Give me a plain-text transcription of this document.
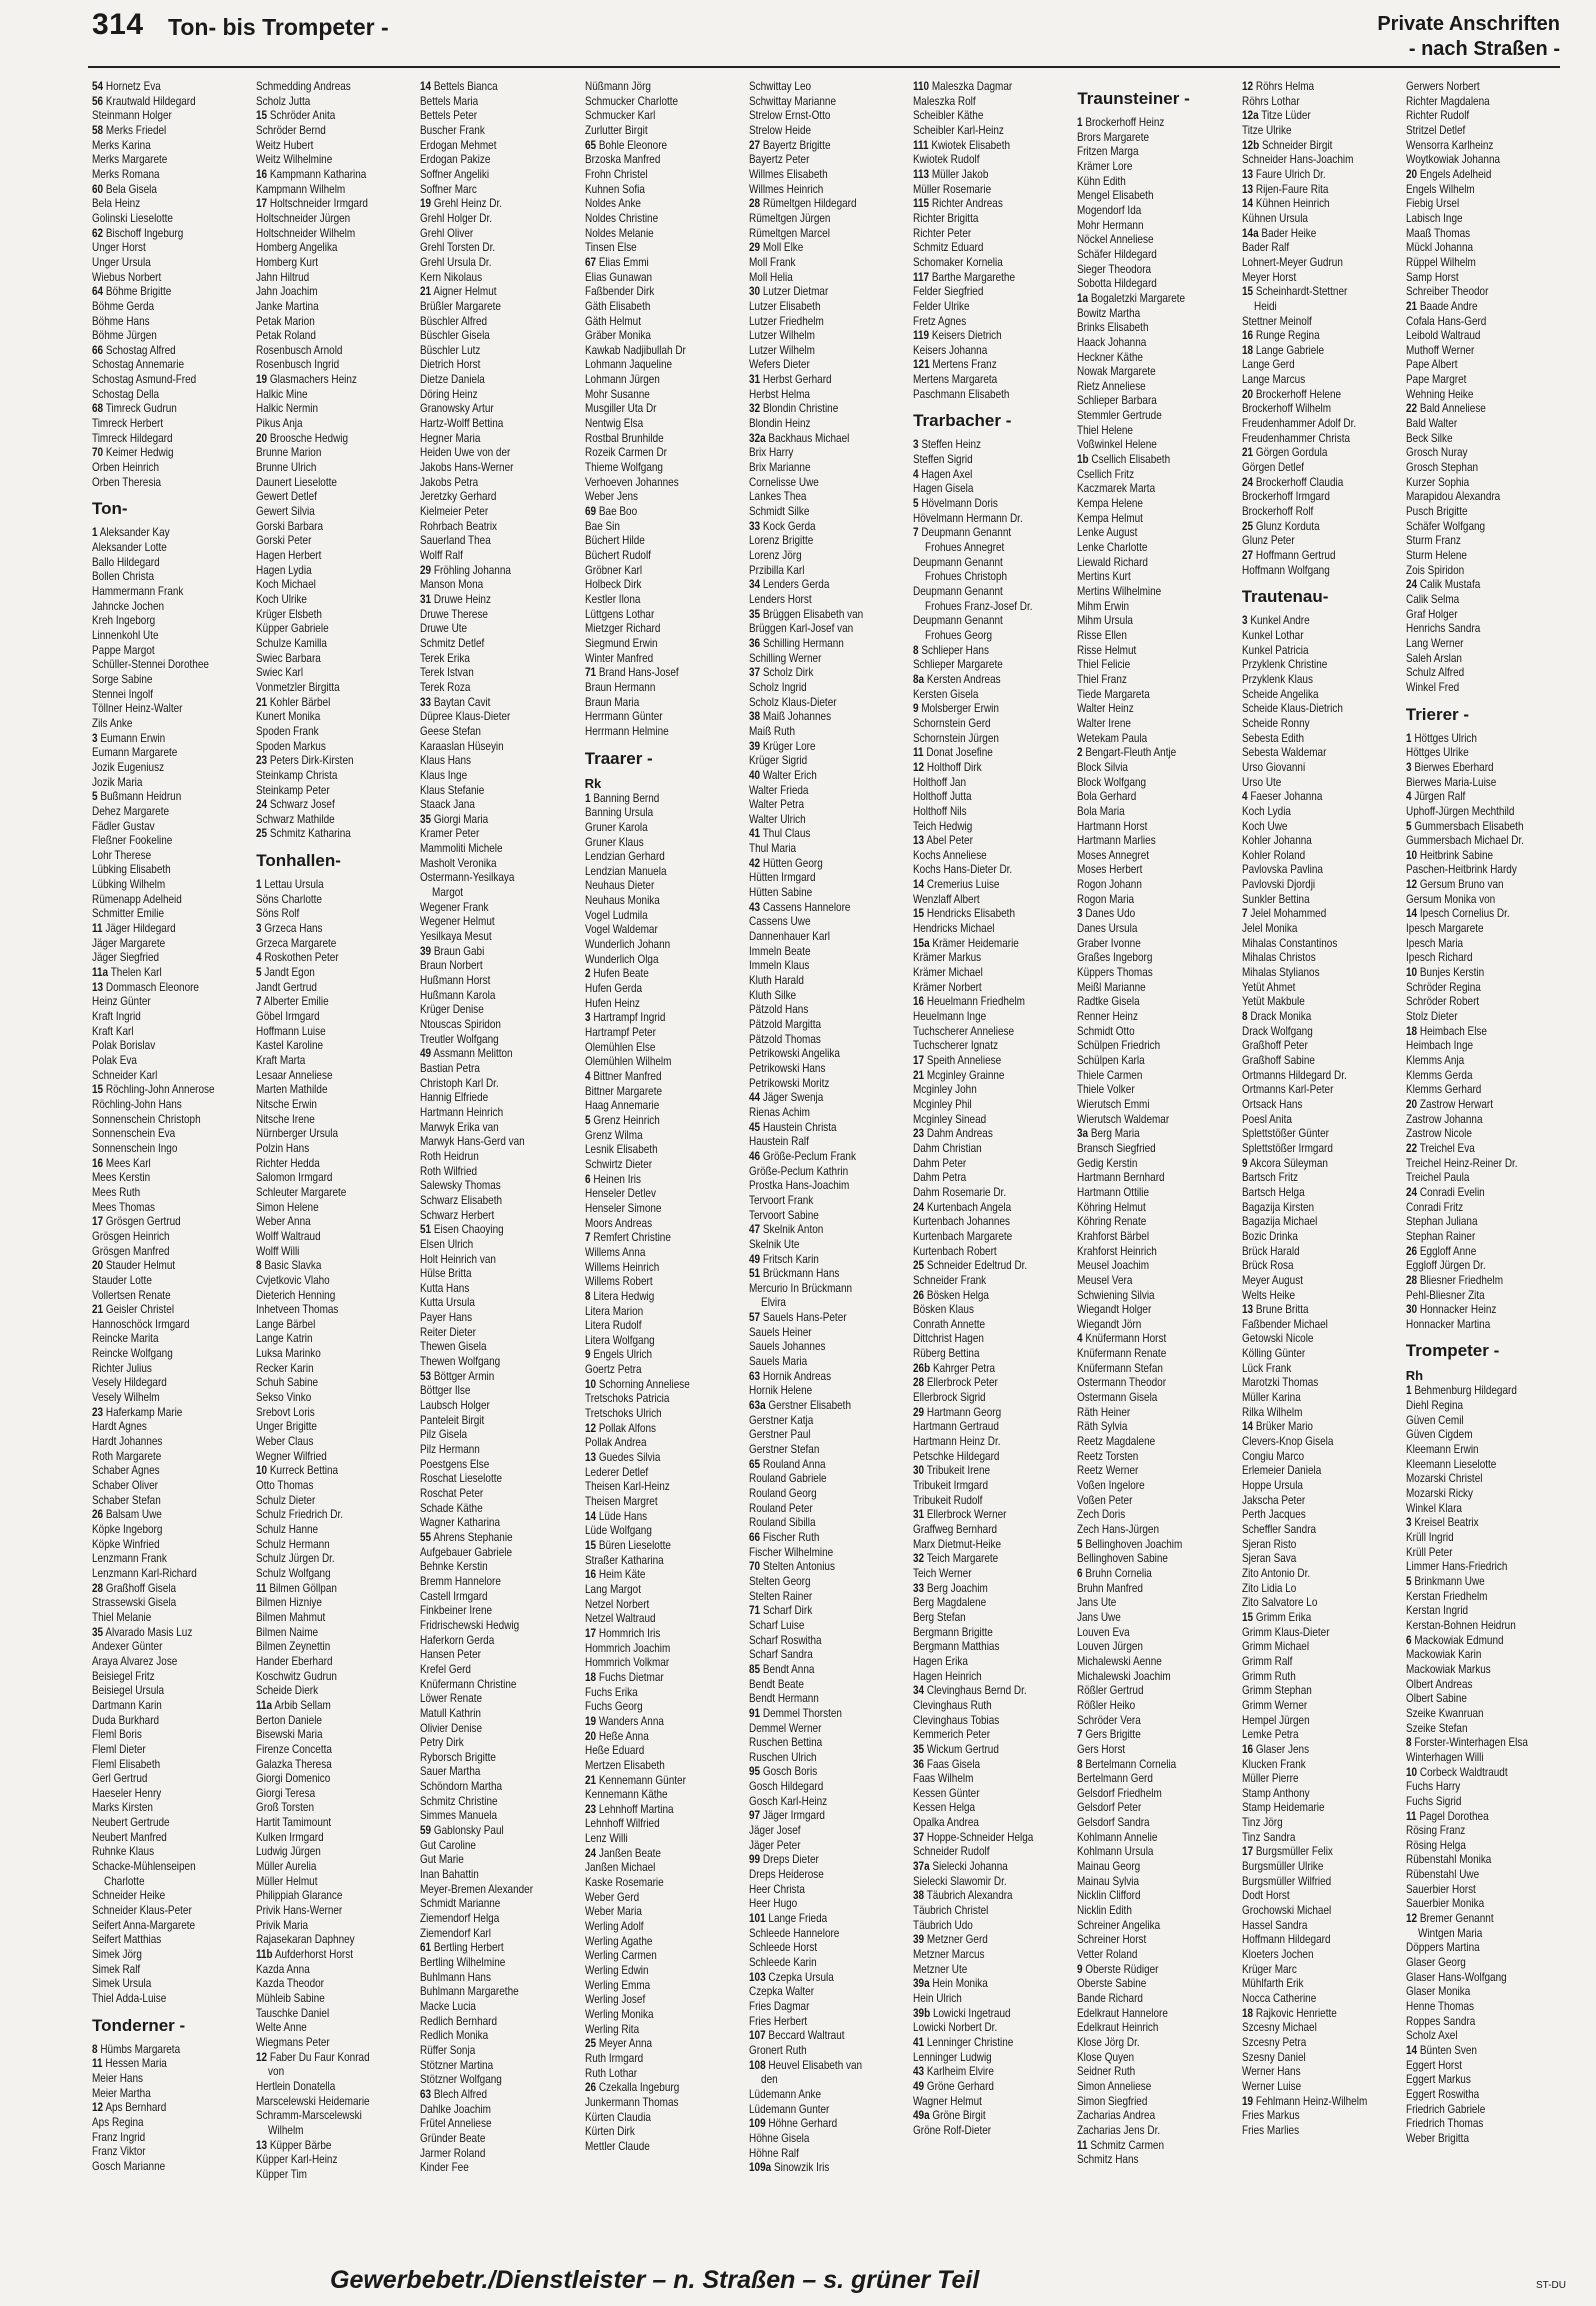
314 Ton- bis Trompeter -	Private Anschriften
- nach Straßen -
54 Hornetz Eva
56 Krautwald Hildegard
Steinmann Holger
58 Merks Friedel
Merks Karina
Merks Margarete
Merks Romana
60 Bela Gisela
Bela Heinz
Golinski Lieselotte
62 Bischoff Ingeburg
Unger Horst
Unger Ursula
Wiebus Norbert
64 Böhme Brigitte
Böhme Gerda
Böhme Hans
Böhme Jürgen
66 Schostag Alfred
Schostag Annemarie
Schostag Asmund-Fred
Schostag Della
68 Timreck Gudrun
Timreck Herbert
Timreck Hildegard
70 Keimer Hedwig
Orben Heinrich
Orben Theresia
Ton-
1 Aleksander Kay
Aleksander Lotte
Ballo Hildegard
Bollen Christa
Hammermann Frank
Jahncke Jochen
Kreh Ingeborg
Linnenkohl Ute
Pappe Margot
Schüller-Stennei Dorothee
Sorge Sabine
Stennei Ingolf
Töllner Heinz-Walter
Zils Anke
3 Eumann Erwin
Eumann Margarete
Jozik Eugeniusz
Jozik Maria
5 Bußmann Heidrun
Dehez Margarete
Fädler Gustav
Fleßner Fookeline
Lohr Therese
Lübking Elisabeth
Lübking Wilhelm
Rümenapp Adelheid
Schmitter Emilie
11 Jäger Hildegard
Jäger Margarete
Jäger Siegfried
11a Thelen Karl
13 Dommasch Eleonore
Heinz Günter
Kraft Ingrid
Kraft Karl
Polak Borislav
Polak Eva
Schneider Karl
15 Röchling-John Annerose
Röchling-John Hans
Sonnenschein Christoph
Sonnenschein Eva
Sonnenschein Ingo
16 Mees Karl
Mees Kerstin
Mees Ruth
Mees Thomas
17 Grösgen Gertrud
Grösgen Heinrich
Grösgen Manfred
20 Stauder Helmut
Stauder Lotte
Vollertsen Renate
21 Geisler Christel
Hannoschöck Irmgard
Reincke Marita
Reincke Wolfgang
Richter Julius
Vesely Hildegard
Vesely Wilhelm
23 Haferkamp Marie
Hardt Agnes
Hardt Johannes
Roth Margarete
Schaber Agnes
Schaber Oliver
Schaber Stefan
26 Balsam Uwe
Köpke Ingeborg
Köpke Winfried
Lenzmann Frank
Lenzmann Karl-Richard
28 Graßhoff Gisela
Strassewski Gisela
Thiel Melanie
35 Alvarado Masis Luz
Andexer Günter
Araya Alvarez Jose
Beisiegel Fritz
Beisiegel Ursula
Dartmann Karin
Duda Burkhard
Fleml Boris
Fleml Dieter
Fleml Elisabeth
Gerl Gertrud
Haeseler Henry
Marks Kirsten
Neubert Gertrude
Neubert Manfred
Ruhnke Klaus
Schacke-Mühlenseipen
Charlotte
Schneider Heike
Schneider Klaus-Peter
Seifert Anna-Margarete
Seifert Matthias
Simek Jörg
Simek Ralf
Simek Ursula
Thiel Adda-Luise
Tonderner -
8 Hümbs Margareta
11 Hessen Maria
Meier Hans
Meier Martha
12 Aps Bernhard
Aps Regina
Franz Ingrid
Franz Viktor
Gosch Marianne
Schmedding Andreas
Scholz Jutta
15 Schröder Anita
Schröder Bernd
Weitz Hubert
Weitz Wilhelmine
16 Kampmann Katharina
Kampmann Wilhelm
17 Holtschneider Irmgard
Holtschneider Jürgen
Holtschneider Wilhelm
Homberg Angelika
Homberg Kurt
Jahn Hiltrud
Jahn Joachim
Janke Martina
Petak Marion
Petak Roland
Rosenbusch Arnold
Rosenbusch Ingrid
19 Glasmachers Heinz
Halkic Mine
Halkic Nermin
Pikus Anja
20 Broosche Hedwig
Brunne Marion
Brunne Ulrich
Daunert Lieselotte
Gewert Detlef
Gewert Silvia
Gorski Barbara
Gorski Peter
Hagen Herbert
Hagen Lydia
Koch Michael
Koch Ulrike
Krüger Elsbeth
Küpper Gabriele
Schulze Kamilla
Swiec Barbara
Swiec Karl
Vonmetzler Birgitta
21 Kohler Bärbel
Kunert Monika
Spoden Frank
Spoden Markus
23 Peters Dirk-Kirsten
Steinkamp Christa
Steinkamp Peter
24 Schwarz Josef
Schwarz Mathilde
25 Schmitz Katharina
Tonhallen-
1 Lettau Ursula
Söns Charlotte
Söns Rolf
3 Grzeca Hans
Grzeca Margarete
4 Roskothen Peter
5 Jandt Egon
Jandt Gertrud
7 Alberter Emilie
Göbel Irmgard
Hoffmann Luise
Kastel Karoline
Kraft Marta
Lesaar Anneliese
Marten Mathilde
Nitsche Erwin
Nitsche Irene
Nürnberger Ursula
Polzin Hans
Richter Hedda
Salomon Irmgard
Schleuter Margarete
Simon Helene
Weber Anna
Wolff Waltraud
Wolff Willi
8 Basic Slavka
Cvjetkovic Vlaho
Dieterich Henning
Inhetveen Thomas
Lange Bärbel
Lange Katrin
Luksa Marinko
Recker Karin
Schuh Sabine
Sekso Vinko
Srebovt Loris
Unger Brigitte
Weber Claus
Wegner Wilfried
10 Kurreck Bettina
Otto Thomas
Schulz Dieter
Schulz Friedrich Dr.
Schulz Hanne
Schulz Hermann
Schulz Jürgen Dr.
Schulz Wolfgang
11 Bilmen Göllpan
Bilmen Hizniye
Bilmen Mahmut
Bilmen Naime
Bilmen Zeynettin
Hander Eberhard
Koschwitz Gudrun
Scheide Dierk
11a Arbib Sellam
Berton Daniele
Bisewski Maria
Firenze Concetta
Galazka Theresa
Giorgi Domenico
Giorgi Teresa
Groß Torsten
Hartit Tamimount
Kulken Irmgard
Ludwig Jürgen
Müller Aurelia
Müller Helmut
Philippiah Glarance
Privik Hans-Werner
Privik Maria
Rajasekaran Daphney
11b Aufderhorst Horst
Kazda Anna
Kazda Theodor
Mühleib Sabine
Tauschke Daniel
Welte Anne
Wiegmans Peter
12 Faber Du Faur Konrad
von
Hertlein Donatella
Marscelewski Heidemarie
Schramm-Marscelewski
Wilhelm
13 Küpper Bärbe
Küpper Karl-Heinz
Küpper Tim
14 Bettels Bianca
Bettels Maria
Bettels Peter
Buscher Frank
Erdogan Mehmet
Erdogan Pakize
Soffner Angeliki
Soffner Marc
19 Grehl Heinz Dr.
Grehl Holger Dr.
Grehl Oliver
Grehl Torsten Dr.
Grehl Ursula Dr.
Kern Nikolaus
21 Aigner Helmut
Brüßler Margarete
Büschler Alfred
Büschler Gisela
Büschler Lutz
Dietrich Horst
Dietze Daniela
Döring Heinz
Granowsky Artur
Hartz-Wolff Bettina
Hegner Maria
Heiden Uwe von der
Jakobs Hans-Werner
Jakobs Petra
Jeretzky Gerhard
Kielmeier Peter
Rohrbach Beatrix
Sauerland Thea
Wolff Ralf
29 Fröhling Johanna
Manson Mona
31 Druwe Heinz
Druwe Therese
Druwe Ute
Schmitz Detlef
Terek Erika
Terek Istvan
Terek Roza
33 Baytan Cavit
Düpree Klaus-Dieter
Geese Stefan
Karaaslan Hüseyin
Klaus Hans
Klaus Inge
Klaus Stefanie
Staack Jana
35 Giorgi Maria
Kramer Peter
Mammoliti Michele
Masholt Veronika
Ostermann-Yesilkaya
Margot
Wegener Frank
Wegener Helmut
Yesilkaya Mesut
39 Braun Gabi
Braun Norbert
Hußmann Horst
Hußmann Karola
Krüger Denise
Ntouscas Spiridon
Treutler Wolfgang
49 Assmann Melitton
Bastian Petra
Christoph Karl Dr.
Hannig Elfriede
Hartmann Heinrich
Marwyk Erika van
Marwyk Hans-Gerd van
Roth Heidrun
Roth Wilfried
Salewsky Thomas
Schwarz Elisabeth
Schwarz Herbert
51 Eisen Chaoying
Elsen Ulrich
Holt Heinrich van
Hülse Britta
Kutta Hans
Kutta Ursula
Payer Hans
Reiter Dieter
Thewen Gisela
Thewen Wolfgang
53 Böttger Armin
Böttger Ilse
Laubsch Holger
Panteleit Birgit
Pilz Gisela
Pilz Hermann
Poestgens Else
Roschat Lieselotte
Roschat Peter
Schade Käthe
Wagner Katharina
55 Ahrens Stephanie
Aufgebauer Gabriele
Behnke Kerstin
Bremm Hannelore
Castell Irmgard
Finkbeiner Irene
Fridrischewski Hedwig
Haferkorn Gerda
Hansen Peter
Krefel Gerd
Knüfermann Christine
Löwer Renate
Matull Kathrin
Olivier Denise
Petry Dirk
Ryborsch Brigitte
Sauer Martha
Schöndorn Martha
Schmitz Christine
Simmes Manuela
59 Gablonsky Paul
Gut Caroline
Gut Marie
Inan Bahattin
Meyer-Bremen Alexander
Schmidt Marianne
Ziemendorf Helga
Ziemendorf Karl
61 Bertling Herbert
Bertling Wilhelmine
Buhlmann Hans
Buhlmann Margarethe
Macke Lucia
Redlich Bernhard
Redlich Monika
Rüffer Sonja
Stötzner Martina
Stötzner Wolfgang
63 Blech Alfred
Dahlke Joachim
Frütel Anneliese
Gründer Beate
Jarmer Roland
Kinder Fee
Nüßmann Jörg
Schmucker Charlotte
Schmucker Karl
Zurlutter Birgit
65 Bohle Eleonore
Brzoska Manfred
Frohn Christel
Kuhnen Sofia
Noldes Anke
Noldes Christine
Noldes Melanie
Tinsen Else
67 Elias Emmi
Elias Gunawan
Faßbender Dirk
Gäth Elisabeth
Gäth Helmut
Gräber Monika
Kawkab Nadjibullah Dr
Lohmann Jaqueline
Lohmann Jürgen
Mohr Susanne
Musgiller Uta Dr
Nentwig Elsa
Rostbal Brunhilde
Rozeik Carmen Dr
Thieme Wolfgang
Verhoeven Johannes
Weber Jens
69 Bae Boo
Bae Sin
Büchert Hilde
Büchert Rudolf
Gröbner Karl
Holbeck Dirk
Kestler Ilona
Lüttgens Lothar
Mietzger Richard
Siegmund Erwin
Winter Manfred
71 Brand Hans-Josef
Braun Hermann
Braun Maria
Herrmann Günter
Herrmann Helmine
Traarer -
Rk
1 Banning Bernd
Banning Ursula
Gruner Karola
Gruner Klaus
Lendzian Gerhard
Lendzian Manuela
Neuhaus Dieter
Neuhaus Monika
Vogel Ludmila
Vogel Waldemar
Wunderlich Johann
Wunderlich Olga
2 Hufen Beate
Hufen Gerda
Hufen Heinz
3 Hartrampf Ingrid
Hartrampf Peter
Olemühlen Else
Olemühlen Wilhelm
4 Bittner Manfred
Bittner Margarete
Haag Annemarie
5 Grenz Heinrich
Grenz Wilma
Lesnik Elisabeth
Schwirtz Dieter
6 Heinen Iris
Henseler Detlev
Henseler Simone
Moors Andreas
7 Remfert Christine
Willems Anna
Willems Heinrich
Willems Robert
8 Litera Hedwig
Litera Marion
Litera Rudolf
Litera Wolfgang
9 Engels Ulrich
Goertz Petra
10 Schorning Anneliese
Tretschoks Patricia
Tretschoks Ulrich
12 Pollak Alfons
Pollak Andrea
13 Guedes Silvia
Lederer Detlef
Theisen Karl-Heinz
Theisen Margret
14 Lüde Hans
Lüde Wolfgang
15 Büren Lieselotte
Straßer Katharina
16 Heim Käte
Lang Margot
Netzel Norbert
Netzel Waltraud
17 Hommrich Iris
Hommrich Joachim
Hommrich Volkmar
18 Fuchs Dietmar
Fuchs Erika
Fuchs Georg
19 Wanders Anna
20 Heße Anna
Heße Eduard
Mertzen Elisabeth
21 Kennemann Günter
Kennemann Käthe
23 Lehnhoff Martina
Lehnhoff Wilfried
Lenz Willi
24 Janßen Beate
Janßen Michael
Kaske Rosemarie
Weber Gerd
Weber Maria
Werling Adolf
Werling Agathe
Werling Carmen
Werling Edwin
Werling Emma
Werling Josef
Werling Monika
Werling Rita
25 Meyer Anna
Ruth Irmgard
Ruth Lothar
26 Czekalla Ingeburg
Junkermann Thomas
Kürten Claudia
Kürten Dirk
Mettler Claude
Schwittay Leo
Schwittay Marianne
Strelow Ernst-Otto
Strelow Heide
27 Bayertz Brigitte
Bayertz Peter
Willmes Elisabeth
Willmes Heinrich
28 Rümeltgen Hildegard
Rümeltgen Jürgen
Rümeltgen Marcel
29 Moll Elke
Moll Frank
Moll Helia
30 Lutzer Dietmar
Lutzer Elisabeth
Lutzer Friedhelm
Lutzer Wilhelm
Lutzer Wilhelm
Wefers Dieter
31 Herbst Gerhard
Herbst Helma
32 Blondin Christine
Blondin Heinz
32a Backhaus Michael
Brix Harry
Brix Marianne
Cornelisse Uwe
Lankes Thea
Schmidt Silke
33 Kock Gerda
Lorenz Brigitte
Lorenz Jörg
Przibilla Karl
34 Lenders Gerda
Lenders Horst
35 Brüggen Elisabeth van
Brüggen Karl-Josef van
36 Schilling Hermann
Schilling Werner
37 Scholz Dirk
Scholz Ingrid
Scholz Klaus-Dieter
38 Maiß Johannes
Maiß Ruth
39 Krüger Lore
Krüger Sigrid
40 Walter Erich
Walter Frieda
Walter Petra
Walter Ulrich
41 Thul Claus
Thul Maria
42 Hütten Georg
Hütten Irmgard
Hütten Sabine
43 Cassens Hannelore
Cassens Uwe
Dannenhauer Karl
Immeln Beate
Immeln Klaus
Kluth Harald
Kluth Silke
Pätzold Hans
Pätzold Margitta
Pätzold Thomas
Petrikowski Angelika
Petrikowski Hans
Petrikowski Moritz
44 Jäger Swenja
Rienas Achim
45 Haustein Christa
Haustein Ralf
46 Größe-Peclum Frank
Größe-Peclum Kathrin
Prostka Hans-Joachim
Tervoort Frank
Tervoort Sabine
47 Skelnik Anton
Skelnik Ute
49 Fritsch Karin
51 Brückmann Hans
Mercurio In Brückmann
Elvira
57 Sauels Hans-Peter
Sauels Heiner
Sauels Johannes
Sauels Maria
63 Hornik Andreas
Hornik Helene
63a Gerstner Elisabeth
Gerstner Katja
Gerstner Paul
Gerstner Stefan
65 Rouland Anna
Rouland Gabriele
Rouland Georg
Rouland Peter
Rouland Sibilla
66 Fischer Ruth
Fischer Wilhelmine
70 Stelten Antonius
Stelten Georg
Stelten Rainer
71 Scharf Dirk
Scharf Luise
Scharf Roswitha
Scharf Sandra
85 Bendt Anna
Bendt Beate
Bendt Hermann
91 Demmel Thorsten
Demmel Werner
Ruschen Bettina
Ruschen Ulrich
95 Gosch Boris
Gosch Hildegard
Gosch Karl-Heinz
97 Jäger Irmgard
Jäger Josef
Jäger Peter
99 Dreps Dieter
Dreps Heiderose
Heer Christa
Heer Hugo
101 Lange Frieda
Schleede Hannelore
Schleede Horst
Schleede Karin
103 Czepka Ursula
Czepka Walter
Fries Dagmar
Fries Herbert
107 Beccard Waltraut
Gronert Ruth
108 Heuvel Elisabeth van
den
Lüdemann Anke
Lüdemann Gunter
109 Höhne Gerhard
Höhne Gisela
Höhne Ralf
109a Sinowzik Iris
110 Maleszka Dagmar
Maleszka Rolf
Scheibler Käthe
Scheibler Karl-Heinz
111 Kwiotek Elisabeth
Kwiotek Rudolf
113 Müller Jakob
Müller Rosemarie
115 Richter Andreas
Richter Brigitta
Richter Peter
Schmitz Eduard
Schomaker Kornelia
117 Barthe Margarethe
Felder Siegfried
Felder Ulrike
Fretz Agnes
119 Keisers Dietrich
Keisers Johanna
121 Mertens Franz
Mertens Margareta
Paschmann Elisabeth
Trarbacher -
3 Steffen Heinz
Steffen Sigrid
4 Hagen Axel
Hagen Gisela
5 Hövelmann Doris
Hövelmann Hermann Dr.
7 Deupmann Genannt
Frohues Annegret
Deupmann Genannt
Frohues Christoph
Deupmann Genannt
Frohues Franz-Josef Dr.
Deupmann Genannt
Frohues Georg
8 Schlieper Hans
Schlieper Margarete
8a Kersten Andreas
Kersten Gisela
9 Molsberger Erwin
Schornstein Gerd
Schornstein Jürgen
11 Donat Josefine
12 Holthoff Dirk
Holthoff Jan
Holthoff Jutta
Holthoff Nils
Teich Hedwig
13 Abel Peter
Kochs Anneliese
Kochs Hans-Dieter Dr.
14 Cremerius Luise
Wenzlaff Albert
15 Hendricks Elisabeth
Hendricks Michael
15a Krämer Heidemarie
Krämer Markus
Krämer Michael
Krämer Norbert
16 Heuelmann Friedhelm
Heuelmann Inge
Tuchscherer Anneliese
Tuchscherer Ignatz
17 Speith Anneliese
21 Mcginley Grainne
Mcginley John
Mcginley Phil
Mcginley Sinead
23 Dahm Andreas
Dahm Christian
Dahm Peter
Dahm Petra
Dahm Rosemarie Dr.
24 Kurtenbach Angela
Kurtenbach Johannes
Kurtenbach Margarete
Kurtenbach Robert
25 Schneider Edeltrud Dr.
Schneider Frank
26 Bösken Helga
Bösken Klaus
Conrath Annette
Dittchrist Hagen
Rüberg Bettina
26b Kahrger Petra
28 Ellerbrock Peter
Ellerbrock Sigrid
29 Hartmann Georg
Hartmann Gertraud
Hartmann Heinz Dr.
Petschke Hildegard
30 Tribukeit Irene
Tribukeit Irmgard
Tribukeit Rudolf
31 Ellerbrock Werner
Graffweg Bernhard
Marx Dietmut-Heike
32 Teich Margarete
Teich Werner
33 Berg Joachim
Berg Magdalene
Berg Stefan
Bergmann Brigitte
Bergmann Matthias
Hagen Erika
Hagen Heinrich
34 Clevinghaus Bernd Dr.
Clevinghaus Ruth
Clevinghaus Tobias
Kemmerich Peter
35 Wickum Gertrud
36 Faas Gisela
Faas Wilhelm
Kessen Günter
Kessen Helga
Opalka Andrea
37 Hoppe-Schneider Helga
Schneider Rudolf
37a Sielecki Johanna
Sielecki Slawomir Dr.
38 Täubrich Alexandra
Täubrich Christel
Täubrich Udo
39 Metzner Gerd
Metzner Marcus
Metzner Ute
39a Hein Monika
Hein Ulrich
39b Lowicki Ingetraud
Lowicki Norbert Dr.
41 Lenninger Christine
Lenninger Ludwig
43 Karlheim Elvire
49 Gröne Gerhard
Wagner Helmut
49a Gröne Birgit
Gröne Rolf-Dieter
Traunsteiner -
1 Brockerhoff Heinz
Brors Margarete
Fritzen Marga
Krämer Lore
Kühn Edith
Mengel Elisabeth
Mogendorf Ida
Mohr Hermann
Nöckel Anneliese
Schäfer Hildegard
Sieger Theodora
Sobotta Hildegard
1a Bogaletzki Margarete
Bowitz Martha
Brinks Elisabeth
Haack Johanna
Heckner Käthe
Nowak Margarete
Rietz Anneliese
Schlieper Barbara
Stemmler Gertrude
Thiel Helene
Voßwinkel Helene
1b Csellich Elisabeth
Csellich Fritz
Kaczmarek Marta
Kempa Helene
Kempa Helmut
Lenke August
Lenke Charlotte
Liewald Richard
Mertins Kurt
Mertins Wilhelmine
Mihm Erwin
Mihm Ursula
Risse Ellen
Risse Helmut
Thiel Felicie
Thiel Franz
Tiede Margareta
Walter Heinz
Walter Irene
Wetekam Paula
2 Bengart-Fleuth Antje
Block Silvia
Block Wolfgang
Bola Gerhard
Bola Maria
Hartmann Horst
Hartmann Marlies
Moses Annegret
Moses Herbert
Rogon Johann
Rogon Maria
3 Danes Udo
Danes Ursula
Graber Ivonne
Graßes Ingeborg
Küppers Thomas
Meißl Marianne
Radtke Gisela
Renner Heinz
Schmidt Otto
Schülpen Friedrich
Schülpen Karla
Thiele Carmen
Thiele Volker
Wierutsch Emmi
Wierutsch Waldemar
3a Berg Maria
Bransch Siegfried
Gedig Kerstin
Hartmann Bernhard
Hartmann Ottilie
Köhring Helmut
Köhring Renate
Krahforst Bärbel
Krahforst Heinrich
Meusel Joachim
Meusel Vera
Schwiening Silvia
Wiegandt Holger
Wiegandt Jörn
4 Knüfermann Horst
Knüfermann Renate
Knüfermann Stefan
Ostermann Theodor
Ostermann Gisela
Räth Heiner
Räth Sylvia
Reetz Magdalene
Reetz Torsten
Reetz Werner
Voßen Ingelore
Voßen Peter
Zech Doris
Zech Hans-Jürgen
5 Bellinghoven Joachim
Bellinghoven Sabine
6 Bruhn Cornelia
Bruhn Manfred
Jans Ute
Jans Uwe
Louven Eva
Louven Jürgen
Michalewski Aenne
Michalewski Joachim
Rößler Gertrud
Rößler Heiko
Schröder Vera
7 Gers Brigitte
Gers Horst
8 Bertelmann Cornelia
Bertelmann Gerd
Gelsdorf Friedhelm
Gelsdorf Peter
Gelsdorf Sandra
Kohlmann Annelie
Kohlmann Ursula
Mainau Georg
Mainau Sylvia
Nicklin Clifford
Nicklin Edith
Schreiner Angelika
Schreiner Horst
Vetter Roland
9 Oberste Rüdiger
Oberste Sabine
Bande Richard
Edelkraut Hannelore
Edelkraut Heinrich
Klose Jörg Dr.
Klose Quyen
Seidner Ruth
Simon Anneliese
Simon Siegfried
Zacharias Andrea
Zacharias Jens Dr.
11 Schmitz Carmen
Schmitz Hans
12 Röhrs Helma
Röhrs Lothar
12a Titze Lüder
Titze Ulrike
12b Schneider Birgit
Schneider Hans-Joachim
13 Faure Ulrich Dr.
13 Rijen-Faure Rita
14 Kühnen Heinrich
Kühnen Ursula
14a Bader Heike
Bader Ralf
Lohnert-Meyer Gudrun
Meyer Horst
15 Scheinhardt-Stettner
Heidi
Stettner Meinolf
16 Runge Regina
18 Lange Gabriele
Lange Gerd
Lange Marcus
20 Brockerhoff Helene
Brockerhoff Wilhelm
Freudenhammer Adolf Dr.
Freudenhammer Christa
21 Görgen Gordula
Görgen Detlef
24 Brockerhoff Claudia
Brockerhoff Irmgard
Brockerhoff Rolf
25 Glunz Korduta
Glunz Peter
27 Hoffmann Gertrud
Hoffmann Wolfgang
Trautenau-
3 Kunkel Andre
Kunkel Lothar
Kunkel Patricia
Przyklenk Christine
Przyklenk Klaus
Scheide Angelika
Scheide Klaus-Dietrich
Scheide Ronny
Sebesta Edith
Sebesta Waldemar
Urso Giovanni
Urso Ute
4 Faeser Johanna
Koch Lydia
Koch Uwe
Kohler Johanna
Kohler Roland
Pavlovska Pavlina
Pavlovski Djordji
Sunkler Bettina
7 Jelel Mohammed
Jelel Monika
Mihalas Constantinos
Mihalas Christos
Mihalas Stylianos
Yetüt Ahmet
Yetüt Makbule
8 Drack Monika
Drack Wolfgang
Graßhoff Peter
Graßhoff Sabine
Ortmanns Hildegard Dr.
Ortmanns Karl-Peter
Ortsack Hans
Poesl Anita
Splettstößer Günter
Splettstößer Irmgard
9 Akcora Süleyman
Bartsch Fritz
Bartsch Helga
Bagazija Kirsten
Bagazija Michael
Bozic Drinka
Brück Harald
Brück Rosa
Meyer August
Welts Heike
13 Brune Britta
Faßbender Michael
Getowski Nicole
Kölling Günter
Lück Frank
Marotzki Thomas
Müller Karina
Rilka Wilhelm
14 Brüker Mario
Clevers-Knop Gisela
Congiu Marco
Erlemeier Daniela
Hoppe Ursula
Jakscha Peter
Perth Jacques
Scheffler Sandra
Sjeran Risto
Sjeran Sava
Zito Antonio Dr.
Zito Lidia Lo
Zito Salvatore Lo
15 Grimm Erika
Grimm Klaus-Dieter
Grimm Michael
Grimm Ralf
Grimm Ruth
Grimm Stephan
Grimm Werner
Hempel Jürgen
Lemke Petra
16 Glaser Jens
Klucken Frank
Müller Pierre
Stamp Anthony
Stamp Heidemarie
Tinz Jörg
Tinz Sandra
17 Burgsmüller Felix
Burgsmüller Ulrike
Burgsmüller Wilfried
Dodt Horst
Grochowski Michael
Hassel Sandra
Hoffmann Hildegard
Kloeters Jochen
Krüger Marc
Mühlfarth Erik
Nocca Catherine
18 Rajkovic Henriette
Szcesny Michael
Szcesny Petra
Szesny Daniel
Werner Hans
Werner Luise
19 Fehlmann Heinz-Wilhelm
Fries Markus
Fries Marlies
Gerwers Norbert
Richter Magdalena
Richter Rudolf
Stritzel Detlef
Wensorra Karlheinz
Woytkowiak Johanna
20 Engels Adelheid
Engels Wilhelm
Fiebig Ursel
Labisch Inge
Maaß Thomas
Mückl Johanna
Rüppel Wilhelm
Samp Horst
Schreiber Theodor
21 Baade Andre
Cofala Hans-Gerd
Leibold Waltraud
Muthoff Werner
Pape Albert
Pape Margret
Wehning Heike
22 Bald Anneliese
Bald Walter
Beck Silke
Grosch Nuray
Grosch Stephan
Kurzer Sophia
Marapidou Alexandra
Pusch Brigitte
Schäfer Wolfgang
Sturm Franz
Sturm Helene
Zois Spiridon
24 Calik Mustafa
Calik Selma
Graf Holger
Henrichs Sandra
Lang Werner
Saleh Arslan
Schulz Alfred
Winkel Fred
Trierer -
1 Höttges Ulrich
Höttges Ulrike
3 Bierwes Eberhard
Bierwes Maria-Luise
4 Jürgen Ralf
Uphoff-Jürgen Mechthild
5 Gummersbach Elisabeth
Gummersbach Michael Dr.
10 Heitbrink Sabine
Paschen-Heitbrink Hardy
12 Gersum Bruno van
Gersum Monika von
14 Ipesch Cornelius Dr.
Ipesch Margarete
Ipesch Maria
Ipesch Richard
10 Bunjes Kerstin
Schröder Regina
Schröder Robert
Stolz Dieter
18 Heimbach Else
Heimbach Inge
Klemms Anja
Klemms Gerda
Klemms Gerhard
20 Zastrow Herwart
Zastrow Johanna
Zastrow Nicole
22 Treichel Eva
Treichel Heinz-Reiner Dr.
Treichel Paula
24 Conradi Evelin
Conradi Fritz
Stephan Juliana
Stephan Rainer
26 Eggloff Anne
Eggloff Jürgen Dr.
28 Bliesner Friedhelm
Pehl-Bliesner Zita
30 Honnacker Heinz
Honnacker Martina
Trompeter -
Rh
1 Behmenburg Hildegard
Diehl Regina
Güven Cemil
Güven Cigdem
Kleemann Erwin
Kleemann Lieselotte
Mozarski Christel
Mozarski Ricky
Winkel Klara
3 Kreisel Beatrix
Krüll Ingrid
Krüll Peter
Limmer Hans-Friedrich
5 Brinkmann Uwe
Kerstan Friedhelm
Kerstan Ingrid
Kerstan-Bohnen Heidrun
6 Mackowiak Edmund
Mackowiak Karin
Mackowiak Markus
Olbert Andreas
Olbert Sabine
Szeike Kwanruan
Szeike Stefan
8 Forster-Winterhagen Elsa
Winterhagen Willi
10 Corbeck Waldtraudt
Fuchs Harry
Fuchs Sigrid
11 Pagel Dorothea
Rösing Franz
Rösing Helga
Rübenstahl Monika
Rübenstahl Uwe
Sauerbier Horst
Sauerbier Monika
12 Bremer Genannt
Wintgen Maria
Döppers Martina
Glaser Georg
Glaser Hans-Wolfgang
Glaser Monika
Henne Thomas
Roppes Sandra
Scholz Axel
14 Bünten Sven
Eggert Horst
Eggert Markus
Eggert Roswitha
Friedrich Gabriele
Friedrich Thomas
Weber Brigitta
Gewerbebetr./Dienstleister – n. Straßen – s. grüner Teil	ST-DU
